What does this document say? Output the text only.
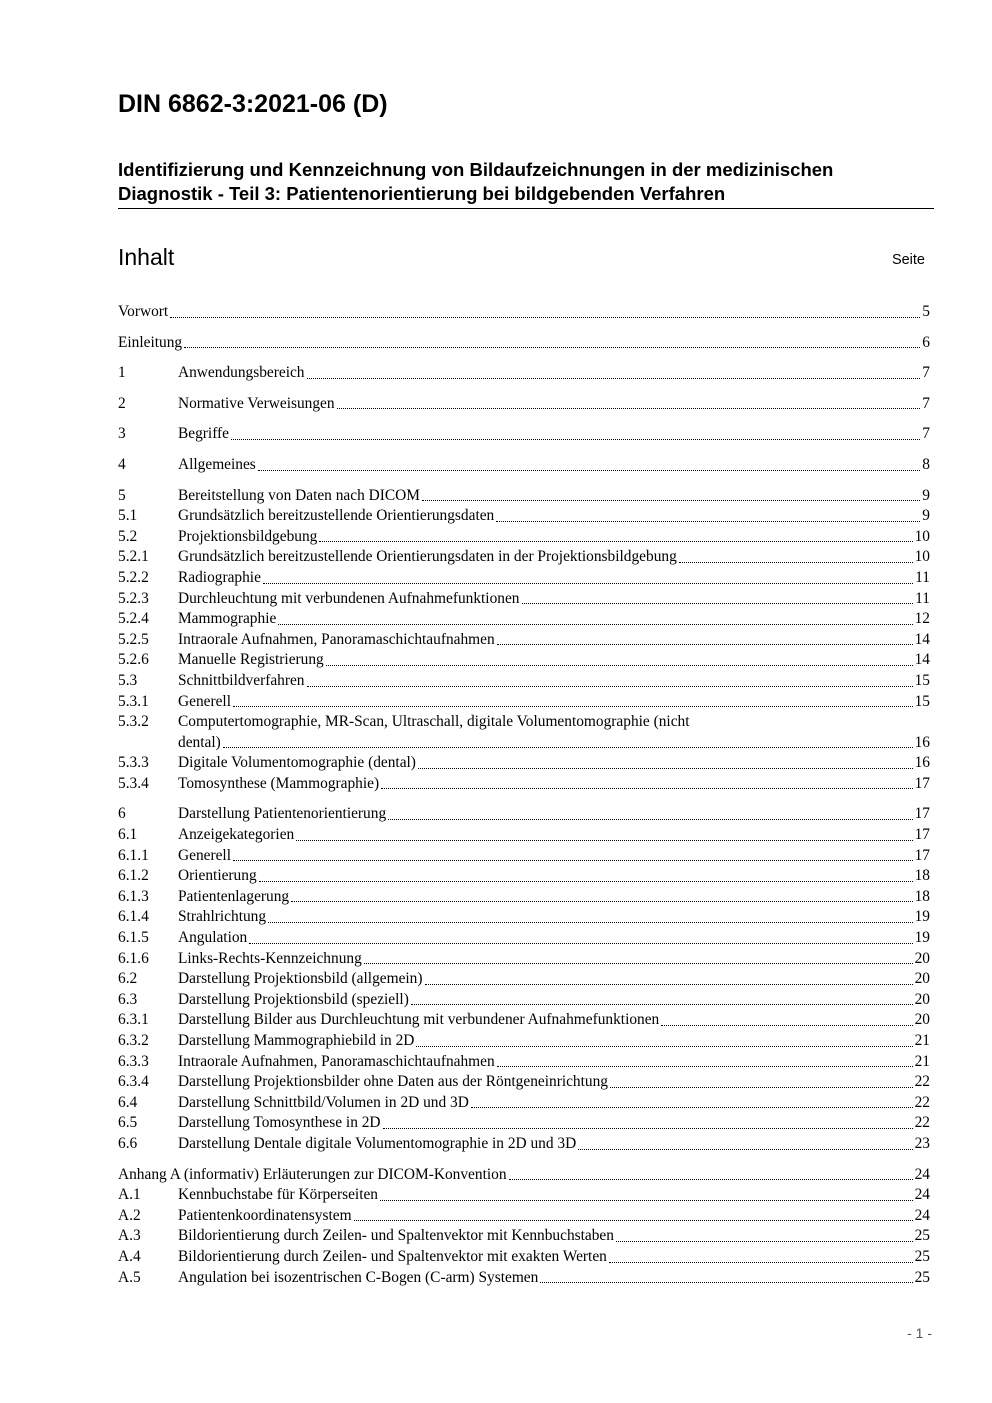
DIN 6862-3:2021-06 (D)
Identifizierung und Kennzeichnung von Bildaufzeichnungen in der medizinischen
Diagnostik - Teil 3: Patientenorientierung bei bildgebenden Verfahren
Inhalt	Seite
Vorwort	5
Einleitung	6
1	Anwendungsbereich	7
2	Normative Verweisungen	7
3	Begriffe	7
4	Allgemeines	8
5	Bereitstellung von Daten nach DICOM	9
5.1	Grundsätzlich bereitzustellende Orientierungsdaten	9
5.2	Projektionsbildgebung	10
5.2.1	Grundsätzlich bereitzustellende Orientierungsdaten in der Projektionsbildgebung	10
5.2.2	Radiographie	11
5.2.3	Durchleuchtung mit verbundenen Aufnahmefunktionen	11
5.2.4	Mammographie	12
5.2.5	Intraorale Aufnahmen, Panoramaschichtaufnahmen	14
5.2.6	Manuelle Registrierung	14
5.3	Schnittbildverfahren	15
5.3.1	Generell	15
5.3.2	Computertomographie, MR-Scan, Ultraschall, digitale Volumentomographie (nicht
dental)	16
5.3.3	Digitale Volumentomographie (dental)	16
5.3.4	Tomosynthese (Mammographie)	17
6	Darstellung Patientenorientierung	17
6.1	Anzeigekategorien	17
6.1.1	Generell	17
6.1.2	Orientierung	18
6.1.3	Patientenlagerung	18
6.1.4	Strahlrichtung	19
6.1.5	Angulation	19
6.1.6	Links-Rechts-Kennzeichnung	20
6.2	Darstellung Projektionsbild (allgemein)	20
6.3	Darstellung Projektionsbild (speziell)	20
6.3.1	Darstellung Bilder aus Durchleuchtung mit verbundener Aufnahmefunktionen	20
6.3.2	Darstellung Mammographiebild in 2D	21
6.3.3	Intraorale Aufnahmen, Panoramaschichtaufnahmen	21
6.3.4	Darstellung Projektionsbilder ohne Daten aus der Röntgeneinrichtung	22
6.4	Darstellung Schnittbild/Volumen in 2D und 3D	22
6.5	Darstellung Tomosynthese in 2D	22
6.6	Darstellung Dentale digitale Volumentomographie in 2D und 3D	23
Anhang A (informativ) Erläuterungen zur DICOM-Konvention	24
A.1	Kennbuchstabe für Körperseiten	24
A.2	Patientenkoordinatensystem	24
A.3	Bildorientierung durch Zeilen- und Spaltenvektor mit Kennbuchstaben	25
A.4	Bildorientierung durch Zeilen- und Spaltenvektor mit exakten Werten	25
A.5	Angulation bei isozentrischen C-Bogen (C-arm) Systemen	25
- 1 -
